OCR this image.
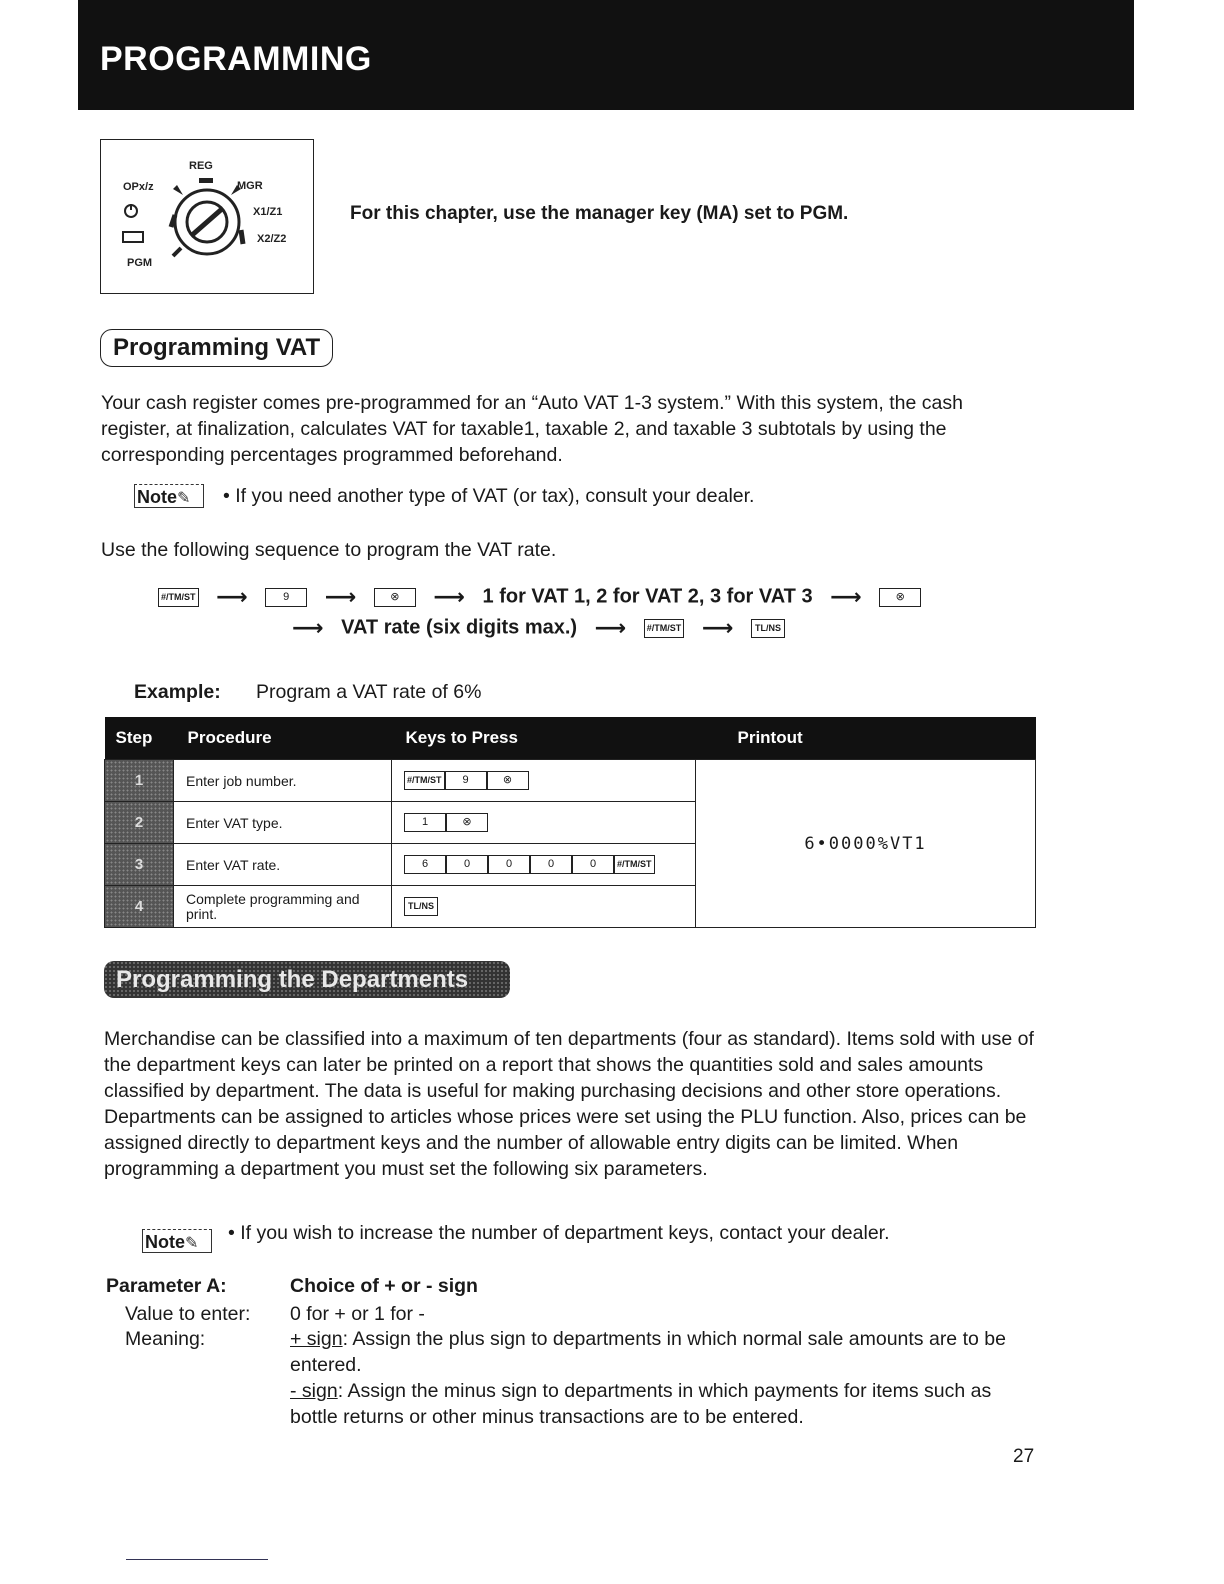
PROGRAMMING
REG
OPx/z	MGR
X1/Z1
X2/Z2
PGM
For this chapter, use the manager key (MA) set to PGM.
Programming VAT
Your cash register comes pre-programmed for an “Auto VAT 1-3 system.” With this system, the cash register, at finalization, calculates VAT for taxable1, taxable 2, and taxable 3 subtotals by using the corresponding percentages programmed beforehand.
Note✎	• If you need another type of VAT (or tax), consult your dealer.
Use the following sequence to program the VAT rate.
#/TM/ST ⟶	9 ⟶	⊗ ⟶ 1 for VAT 1, 2 for VAT 2, 3 for VAT 3 ⟶	⊗
⟶ VAT rate (six digits max.) ⟶ #/TM/ST ⟶ TL/NS
Example: Program a VAT rate of 6%
Step	Procedure	Keys to Press	Printout
1	Enter job number.	#/TM/ST 9 ⊗	6•0000%VT1
2	Enter VAT type.	1 ⊗	
3	Enter VAT rate.	6 0 0 0 0 #/TM/ST	
4	Complete programming and print.	TL/NS	
Programming the Departments
Merchandise can be classified into a maximum of ten departments (four as standard). Items sold with use of the department keys can later be printed on a report that shows the quantities sold and sales amounts classified by department. The data is useful for making purchasing decisions and other store operations. Departments can be assigned to articles whose prices were set using the PLU function. Also, prices can be assigned directly to department keys and the number of allowable entry digits can be limited. When programming a department you must set the following six parameters.
Note✎	• If you wish to increase the number of department keys, contact your dealer.
Parameter A:	Choice of + or - sign
Value to enter: 0 for + or 1 for -
Meaning:	+ sign: Assign the plus sign to departments in which normal sale amounts are to be entered.
- sign: Assign the minus sign to departments in which payments for items such as bottle returns or other minus transactions are to be entered.
27
